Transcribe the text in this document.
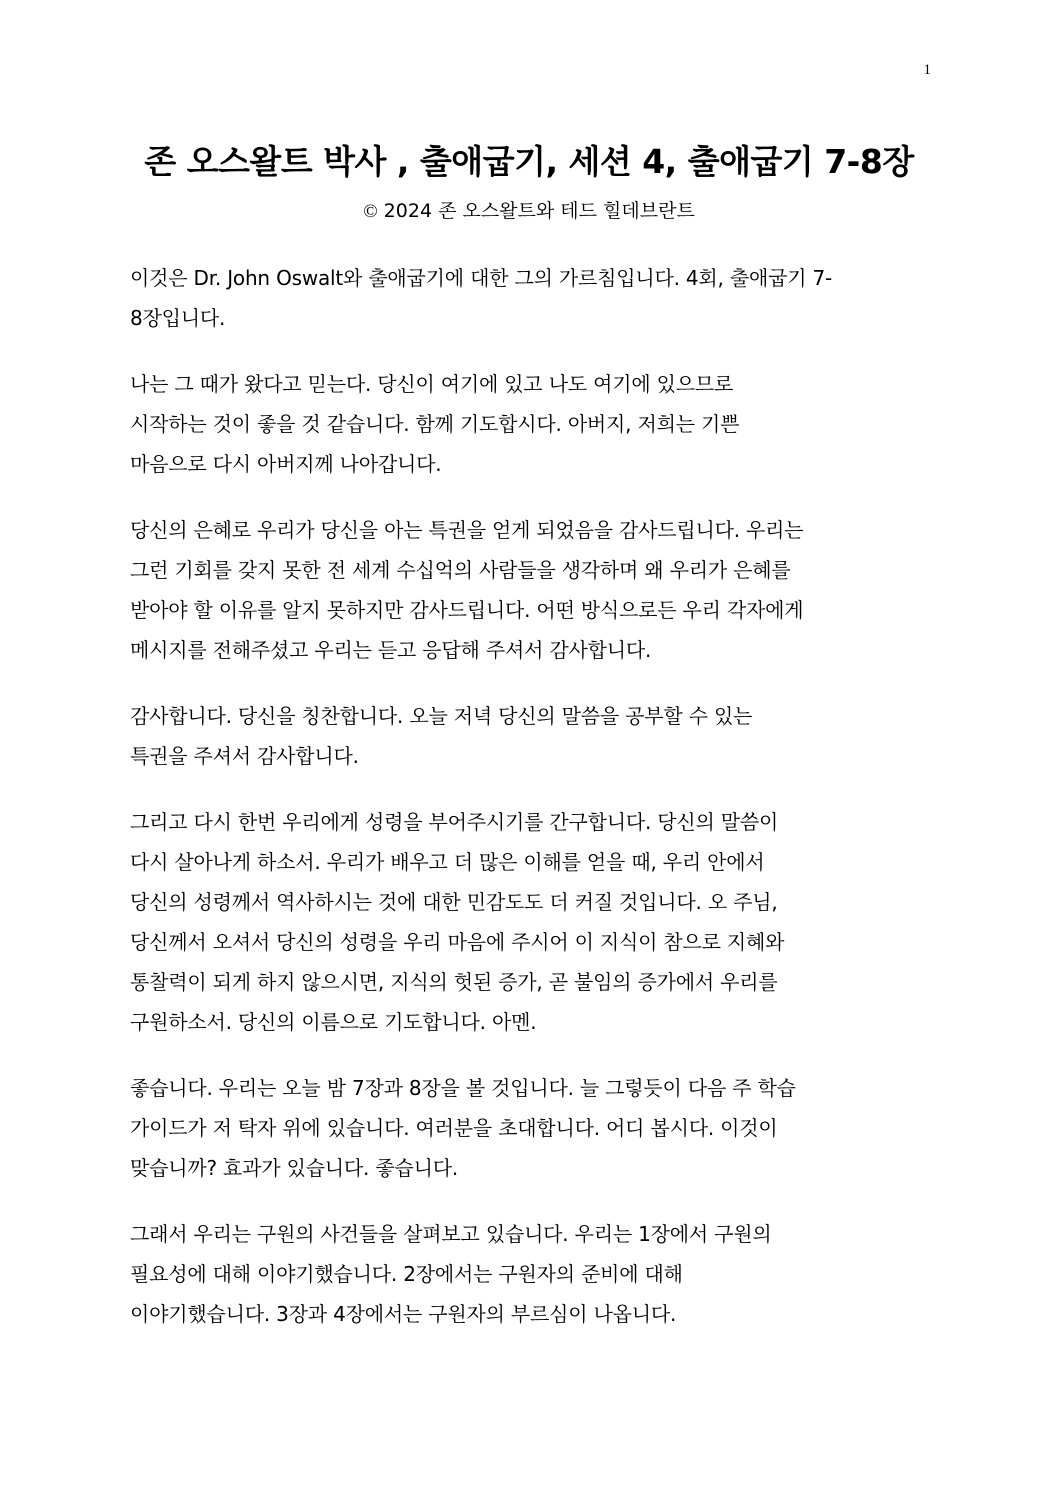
1
존 오스왈트 박사 , 출애굽기, 세션 4, 출애굽기 7-8장

© 2024 존 오스왈트와 테드 힐데브란트

이것은 Dr. John Oswalt와 출애굽기에 대한 그의 가르침입니다. 4회, 출애굽기 7-
8장입니다.
나는 그 때가 왔다고 믿는다. 당신이 여기에 있고 나도 여기에 있으므로
시작하는 것이 좋을 것 같습니다. 함께 기도합시다. 아버지, 저희는 기쁜
마음으로 다시 아버지께 나아갑니다.
당신의 은혜로 우리가 당신을 아는 특권을 얻게 되었음을 감사드립니다. 우리는
그런 기회를 갖지 못한 전 세계 수십억의 사람들을 생각하며 왜 우리가 은혜를
받아야 할 이유를 알지 못하지만 감사드립니다. 어떤 방식으로든 우리 각자에게
메시지를 전해주셨고 우리는 듣고 응답해 주셔서 감사합니다.
감사합니다. 당신을 칭찬합니다. 오늘 저녁 당신의 말씀을 공부할 수 있는
특권을 주셔서 감사합니다.
그리고 다시 한번 우리에게 성령을 부어주시기를 간구합니다. 당신의 말씀이
다시 살아나게 하소서. 우리가 배우고 더 많은 이해를 얻을 때, 우리 안에서
당신의 성령께서 역사하시는 것에 대한 민감도도 더 커질 것입니다. 오 주님,
당신께서 오셔서 당신의 성령을 우리 마음에 주시어 이 지식이 참으로 지혜와
통찰력이 되게 하지 않으시면, 지식의 헛된 증가, 곧 불임의 증가에서 우리를
구원하소서. 당신의 이름으로 기도합니다. 아멘.
좋습니다. 우리는 오늘 밤 7장과 8장을 볼 것입니다. 늘 그렇듯이 다음 주 학습
가이드가 저 탁자 위에 있습니다. 여러분을 초대합니다. 어디 봅시다. 이것이
맞습니까? 효과가 있습니다. 좋습니다.
그래서 우리는 구원의 사건들을 살펴보고 있습니다. 우리는 1장에서 구원의
필요성에 대해 이야기했습니다. 2장에서는 구원자의 준비에 대해
이야기했습니다. 3장과 4장에서는 구원자의 부르심이 나옵니다.
